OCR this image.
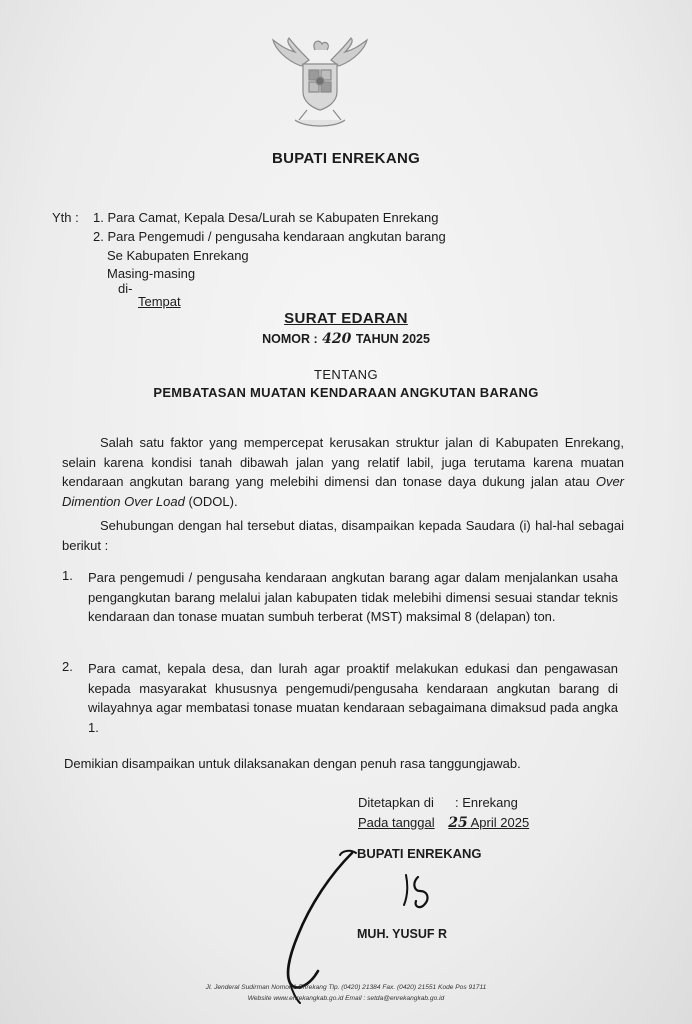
BUPATI ENREKANG
Yth : 1. Para Camat, Kepala Desa/Lurah se Kabupaten Enrekang
2. Para Pengemudi / pengusaha kendaraan angkutan barang
Se Kabupaten Enrekang
Masing-masing
di-
Tempat
SURAT EDARAN
NOMOR : 420 TAHUN 2025
TENTANG
PEMBATASAN MUATAN KENDARAAN ANGKUTAN BARANG
Salah satu faktor yang mempercepat kerusakan struktur jalan di Kabupaten Enrekang, selain karena kondisi tanah dibawah jalan yang relatif labil, juga terutama karena muatan kendaraan angkutan barang yang melebihi dimensi dan tonase daya dukung jalan atau Over Dimention Over Load (ODOL).
Sehubungan dengan hal tersebut diatas, disampaikan kepada Saudara (i) hal-hal sebagai berikut :
1. Para pengemudi / pengusaha kendaraan angkutan barang agar dalam menjalankan usaha pengangkutan barang melalui jalan kabupaten tidak melebihi dimensi sesuai standar teknis kendaraan dan tonase muatan sumbuh terberat (MST) maksimal 8 (delapan) ton.
2. Para camat, kepala desa, dan lurah agar proaktif melakukan edukasi dan pengawasan kepada masyarakat khususnya pengemudi/pengusaha kendaraan angkutan barang di wilayahnya agar membatasi tonase muatan kendaraan sebagaimana dimaksud pada angka 1.
Demikian disampaikan untuk dilaksanakan dengan penuh rasa tanggungjawab.
Ditetapkan di : Enrekang
Pada tanggal 25 April 2025
BUPATI ENREKANG
MUH. YUSUF R
Jl. Jenderal Sudirman Nomor 1 Enrekang Tlp. (0420) 21384 Fax. (0420) 21551 Kode Pos 91711
Website www.enrekangkab.go.id Email : setda@enrekangkab.go.id
